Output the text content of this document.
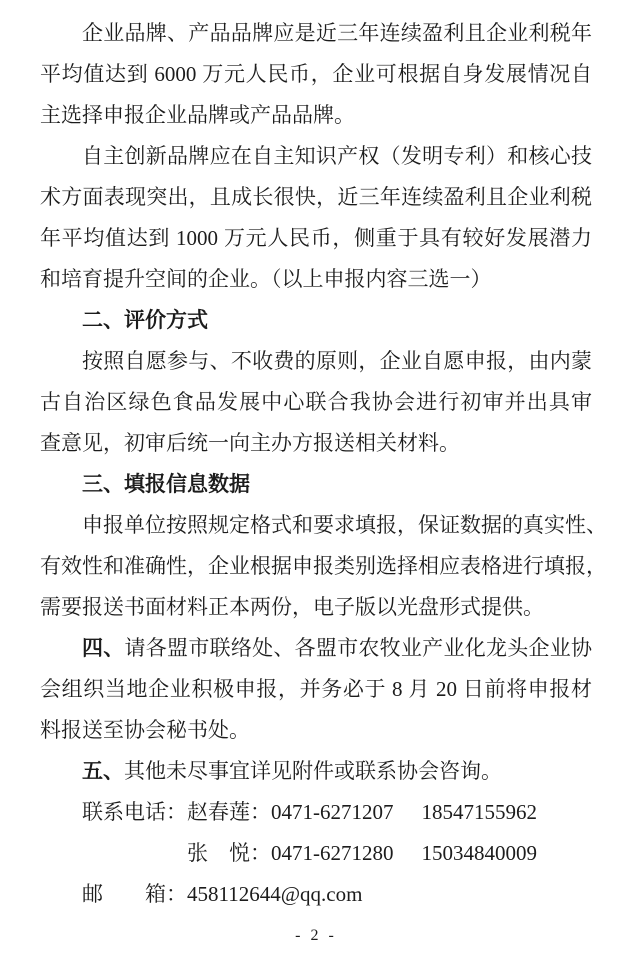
企业品牌、产品品牌应是近三年连续盈利且企业利税年
平均值达到 6000 万元人民币，企业可根据自身发展情况自
主选择申报企业品牌或产品品牌。
自主创新品牌应在自主知识产权（发明专利）和核心技
术方面表现突出，且成长很快，近三年连续盈利且企业利税
年平均值达到 1000 万元人民币，侧重于具有较好发展潜力
和培育提升空间的企业。（以上申报内容三选一）
二、评价方式
按照自愿参与、不收费的原则，企业自愿申报，由内蒙
古自治区绿色食品发展中心联合我协会进行初审并出具审
查意见，初审后统一向主办方报送相关材料。
三、填报信息数据
申报单位按照规定格式和要求填报，保证数据的真实性、
有效性和准确性，企业根据申报类别选择相应表格进行填报，
需要报送书面材料正本两份，电子版以光盘形式提供。
四、请各盟市联络处、各盟市农牧业产业化龙头企业协
会组织当地企业积极申报，并务必于 8 月 20 日前将申报材
料报送至协会秘书处。
五、其他未尽事宜详见附件或联系协会咨询。
联系电话：赵春莲：0471-6271207 18547155962
张　悦：0471-6271280 15034840009
邮　　箱：458112644@qq.com
- 2 -
